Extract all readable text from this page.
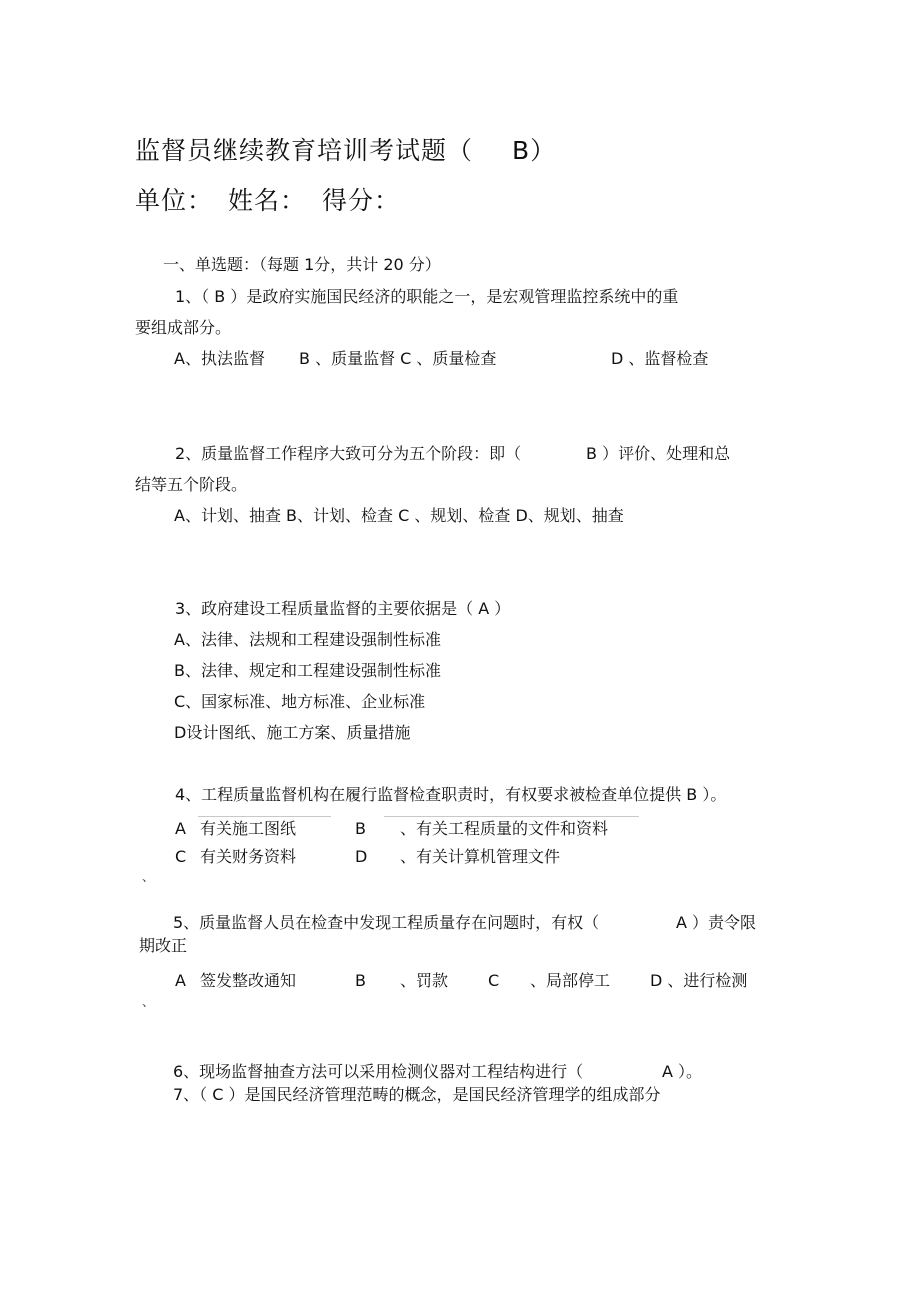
监督员继续教育培训考试题（ B）
单位： 姓名： 得分：
一、单选题：（每题 1分，共计 20 分）
1、（ B ）是政府实施国民经济的职能之一，是宏观管理监控系统中的重
要组成部分。
A、执法监督 B 、质量监督 C 、质量检查	D 、监督检查
2、质量监督工作程序大致可分为五个阶段：即（	B ）评价、处理和总
结等五个阶段。
A、计划、抽查 B、计划、检查 C 、规划、检查 D、规划、抽查
3、政府建设工程质量监督的主要依据是（ A ）
A、法律、法规和工程建设强制性标准
B、法律、规定和工程建设强制性标准
C、国家标准、地方标准、企业标准
D设计图纸、施工方案、质量措施
4、工程质量监督机构在履行监督检查职责时，有权要求被检查单位提供 B ）。
A 有关施工图纸	B 、有关工程质量的文件和资料
C 有关财务资料	D 、有关计算机管理文件
、
5、质量监督人员在检查中发现工程质量存在问题时，有权（	A ）责令限
期改正
A 签发整改通知	B 、罚款 C 、局部停工 D 、进行检测
、
6、现场监督抽查方法可以采用检测仪器对工程结构进行（	A ）。
7、（ C ）是国民经济管理范畴的概念，是国民经济管理学的组成部分
